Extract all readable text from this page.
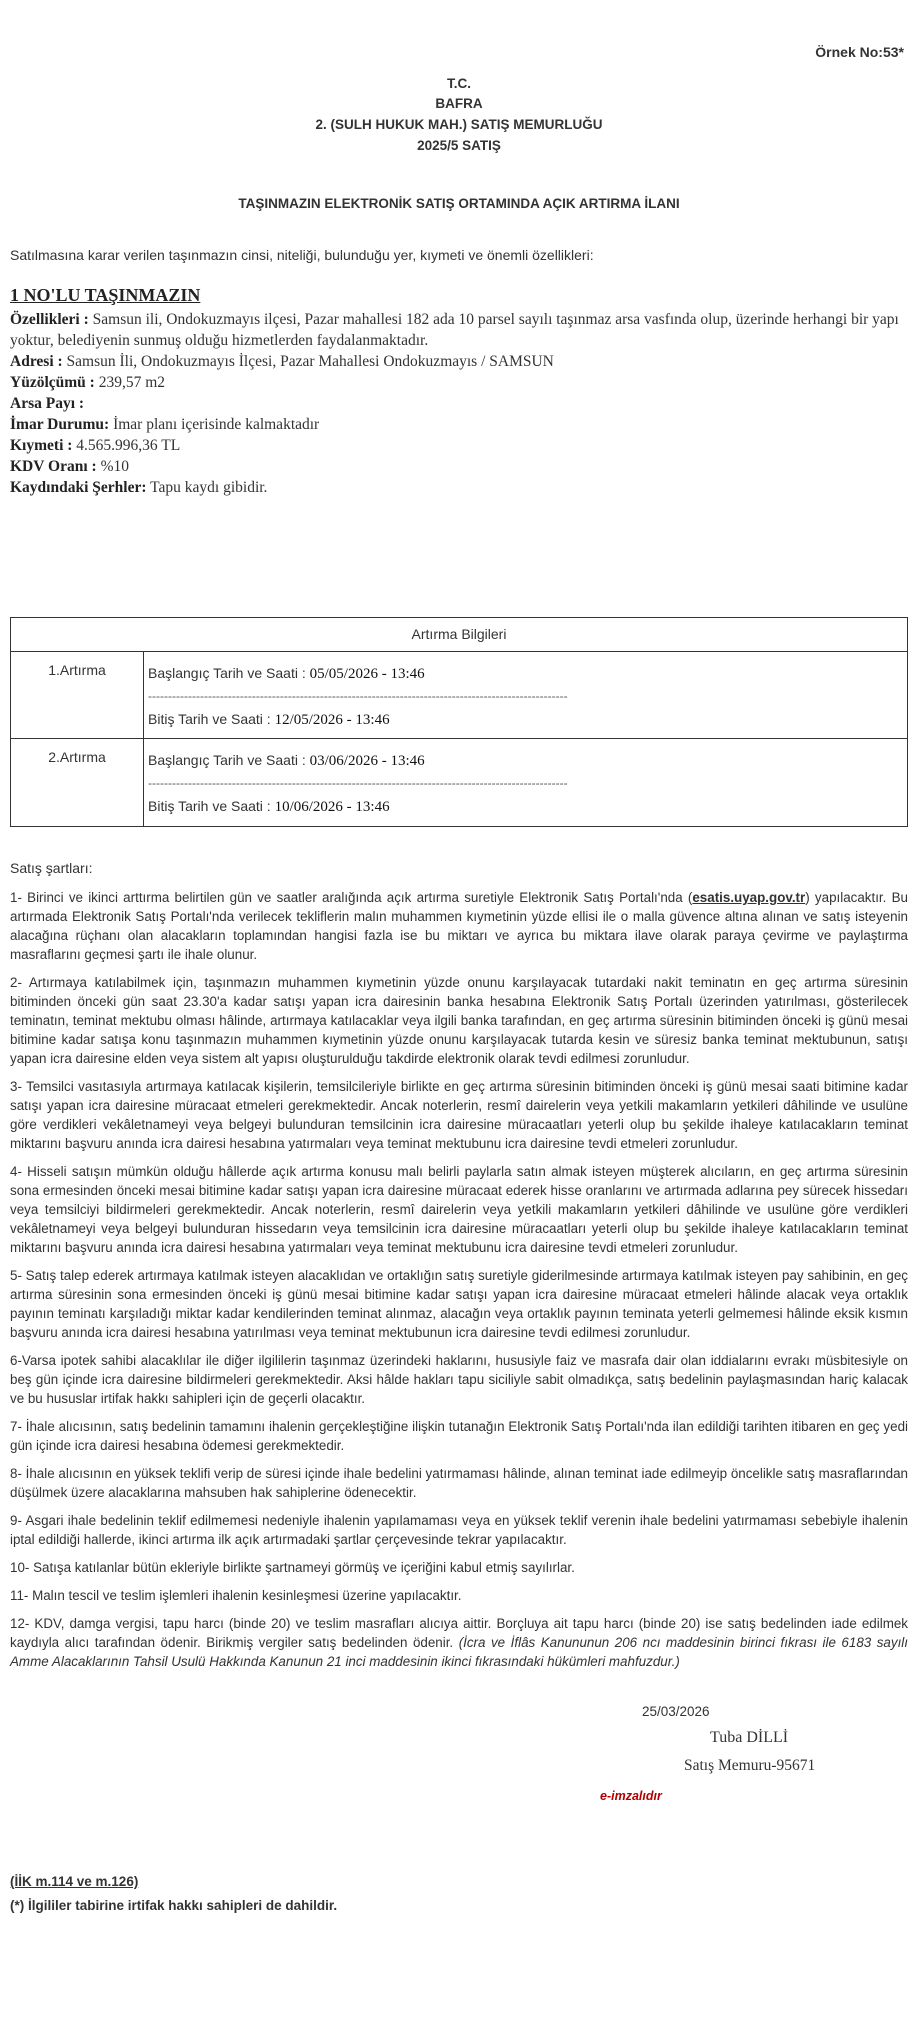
Örnek No:53*
T.C.
BAFRA
2. (SULH HUKUK MAH.) SATIŞ MEMURLUĞU
2025/5 SATIŞ
TAŞINMAZIN ELEKTRONİK SATIŞ ORTAMINDA AÇIK ARTIRMA İLANI
Satılmasına karar verilen taşınmazın cinsi, niteliği, bulunduğu yer, kıymeti ve önemli özellikleri:
1 NO'LU TAŞINMAZIN
Özellikleri : Samsun ili, Ondokuzmayıs ilçesi, Pazar mahallesi 182 ada 10 parsel sayılı taşınmaz arsa vasfında olup, üzerinde herhangi bir yapı yoktur, belediyenin sunmuş olduğu hizmetlerden faydalanmaktadır.
Adresi : Samsun İli, Ondokuzmayıs İlçesi, Pazar Mahallesi Ondokuzmayıs / SAMSUN
Yüzölçümü : 239,57 m2
Arsa Payı :
İmar Durumu: İmar planı içerisinde kalmaktadır
Kıymeti : 4.565.996,36 TL
KDV Oranı : %10
Kaydındaki Şerhler: Tapu kaydı gibidir.
Artırma Bilgileri
1.Artırma	Başlangıç Tarih ve Saati : 05/05/2026 - 13:46
---------------------------------------------------------------------------------------------------------
Bitiş Tarih ve Saati : 12/05/2026 - 13:46
2.Artırma	Başlangıç Tarih ve Saati : 03/06/2026 - 13:46
---------------------------------------------------------------------------------------------------------
Bitiş Tarih ve Saati : 10/06/2026 - 13:46
Satış şartları:

1- Birinci ve ikinci arttırma belirtilen gün ve saatler aralığında açık artırma suretiyle Elektronik Satış Portalı'nda (esatis.uyap.gov.tr) yapılacaktır. Bu artırmada Elektronik Satış Portalı'nda verilecek tekliflerin malın muhammen kıymetinin yüzde ellisi ile o malla güvence altına alınan ve satış isteyenin alacağına rüçhanı olan alacakların toplamından hangisi fazla ise bu miktarı ve ayrıca bu miktara ilave olarak paraya çevirme ve paylaştırma masraflarını geçmesi şartı ile ihale olunur.

2- Artırmaya katılabilmek için, taşınmazın muhammen kıymetinin yüzde onunu karşılayacak tutardaki nakit teminatın en geç artırma süresinin bitiminden önceki gün saat 23.30'a kadar satışı yapan icra dairesinin banka hesabına Elektronik Satış Portalı üzerinden yatırılması, gösterilecek teminatın, teminat mektubu olması hâlinde, artırmaya katılacaklar veya ilgili banka tarafından, en geç artırma süresinin bitiminden önceki iş günü mesai bitimine kadar satışa konu taşınmazın muhammen kıymetinin yüzde onunu karşılayacak tutarda kesin ve süresiz banka teminat mektubunun, satışı yapan icra dairesine elden veya sistem alt yapısı oluşturulduğu takdirde elektronik olarak tevdi edilmesi zorunludur.

3- Temsilci vasıtasıyla artırmaya katılacak kişilerin, temsilcileriyle birlikte en geç artırma süresinin bitiminden önceki iş günü mesai saati bitimine kadar satışı yapan icra dairesine müracaat etmeleri gerekmektedir. Ancak noterlerin, resmî dairelerin veya yetkili makamların yetkileri dâhilinde ve usulüne göre verdikleri vekâletnameyi veya belgeyi bulunduran temsilcinin icra dairesine müracaatları yeterli olup bu şekilde ihaleye katılacakların teminat miktarını başvuru anında icra dairesi hesabına yatırmaları veya teminat mektubunu icra dairesine tevdi etmeleri zorunludur.

4- Hisseli satışın mümkün olduğu hâllerde açık artırma konusu malı belirli paylarla satın almak isteyen müşterek alıcıların, en geç artırma süresinin sona ermesinden önceki mesai bitimine kadar satışı yapan icra dairesine müracaat ederek hisse oranlarını ve artırmada adlarına pey sürecek hissedarı veya temsilciyi bildirmeleri gerekmektedir. Ancak noterlerin, resmî dairelerin veya yetkili makamların yetkileri dâhilinde ve usulüne göre verdikleri vekâletnameyi veya belgeyi bulunduran hissedarın veya temsilcinin icra dairesine müracaatları yeterli olup bu şekilde ihaleye katılacakların teminat miktarını başvuru anında icra dairesi hesabına yatırmaları veya teminat mektubunu icra dairesine tevdi etmeleri zorunludur.

5- Satış talep ederek artırmaya katılmak isteyen alacaklıdan ve ortaklığın satış suretiyle giderilmesinde artırmaya katılmak isteyen pay sahibinin, en geç artırma süresinin sona ermesinden önceki iş günü mesai bitimine kadar satışı yapan icra dairesine müracaat etmeleri hâlinde alacak veya ortaklık payının teminatı karşıladığı miktar kadar kendilerinden teminat alınmaz, alacağın veya ortaklık payının teminata yeterli gelmemesi hâlinde eksik kısmın başvuru anında icra dairesi hesabına yatırılması veya teminat mektubunun icra dairesine tevdi edilmesi zorunludur.

6-Varsa ipotek sahibi alacaklılar ile diğer ilgililerin taşınmaz üzerindeki haklarını, hususiyle faiz ve masrafa dair olan iddialarını evrakı müsbitesiyle on beş gün içinde icra dairesine bildirmeleri gerekmektedir. Aksi hâlde hakları tapu siciliyle sabit olmadıkça, satış bedelinin paylaşmasından hariç kalacak ve bu hususlar irtifak hakkı sahipleri için de geçerli olacaktır.

7- İhale alıcısının, satış bedelinin tamamını ihalenin gerçekleştiğine ilişkin tutanağın Elektronik Satış Portalı'nda ilan edildiği tarihten itibaren en geç yedi gün içinde icra dairesi hesabına ödemesi gerekmektedir.

8- İhale alıcısının en yüksek teklifi verip de süresi içinde ihale bedelini yatırmaması hâlinde, alınan teminat iade edilmeyip öncelikle satış masraflarından düşülmek üzere alacaklarına mahsuben hak sahiplerine ödenecektir.

9- Asgari ihale bedelinin teklif edilmemesi nedeniyle ihalenin yapılamaması veya en yüksek teklif verenin ihale bedelini yatırmaması sebebiyle ihalenin iptal edildiği hallerde, ikinci artırma ilk açık artırmadaki şartlar çerçevesinde tekrar yapılacaktır.

10- Satışa katılanlar bütün ekleriyle birlikte şartnameyi görmüş ve içeriğini kabul etmiş sayılırlar.

11- Malın tescil ve teslim işlemleri ihalenin kesinleşmesi üzerine yapılacaktır.

12- KDV, damga vergisi, tapu harcı (binde 20) ve teslim masrafları alıcıya aittir. Borçluya ait tapu harcı (binde 20) ise satış bedelinden iade edilmek kaydıyla alıcı tarafından ödenir. Birikmiş vergiler satış bedelinden ödenir. (İcra ve İflâs Kanununun 206 ncı maddesinin birinci fıkrası ile 6183 sayılı Amme Alacaklarının Tahsil Usulü Hakkında Kanunun 21 inci maddesinin ikinci fıkrasındaki hükümleri mahfuzdur.)

25/03/2026
Tuba DİLLİ
Satış Memuru-95671
e-imzalıdır
(İİK m.114 ve m.126)
(*) İlgililer tabirine irtifak hakkı sahipleri de dahildir.
